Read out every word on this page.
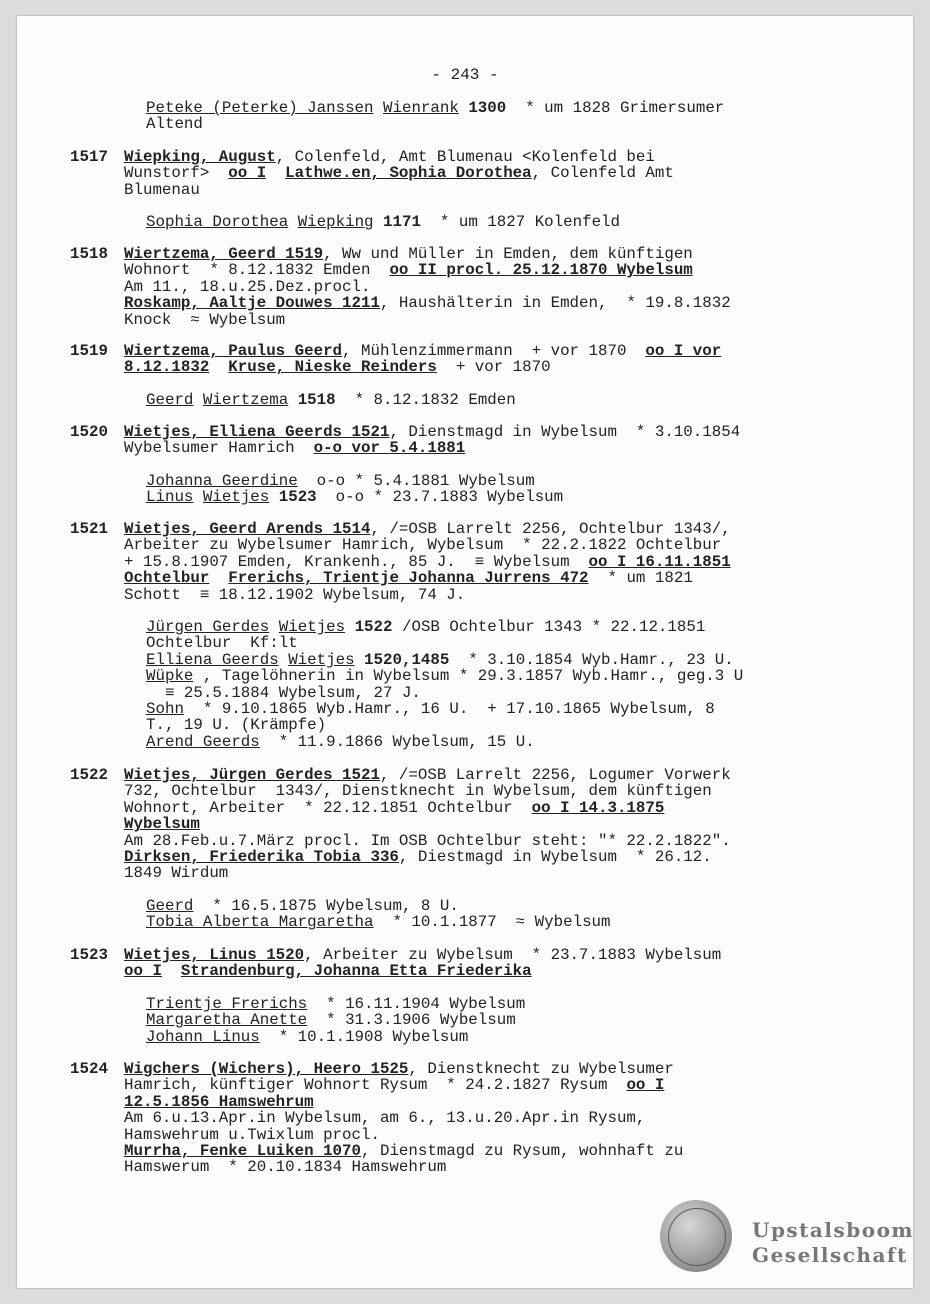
- 243 -
Peteke (Peterke) Janssen Wienrank 1300  * um 1828 Grimersumer
Altend
1517 Wiepking, August, Colenfeld, Amt Blumenau <Kolenfeld bei
Wunstorf>  oo I Lathwe.en, Sophia Dorothea, Colenfeld Amt
Blumenau
Sophia Dorothea Wiepking 1171  * um 1827 Kolenfeld
1518 Wiertzema, Geerd 1519, Ww und Müller in Emden, dem künftigen
Wohnort  * 8.12.1832 Emden  oo II procl. 25.12.1870 Wybelsum
Am 11., 18.u.25.Dez.procl.
Roskamp, Aaltje Douwes 1211, Haushälterin in Emden,  * 19.8.1832
Knock  ≈ Wybelsum
1519 Wiertzema, Paulus Geerd, Mühlenzimmermann  + vor 1870  oo I vor
8.12.1832 Kruse, Nieske Reinders  + vor 1870
Geerd Wiertzema 1518  * 8.12.1832 Emden
1520 Wietjes, Elliena Geerds 1521, Dienstmagd in Wybelsum  * 3.10.1854
Wybelsumer Hamrich  o-o vor 5.4.1881
Johanna Geerdine  o-o * 5.4.1881 Wybelsum
Linus Wietjes 1523  o-o * 23.7.1883 Wybelsum
1521 Wietjes, Geerd Arends 1514, /=OSB Larrelt 2256, Ochtelbur 1343/,
Arbeiter zu Wybelsumer Hamrich, Wybelsum  * 22.2.1822 Ochtelbur
+ 15.8.1907 Emden, Krankenh., 85 J.  ≡ Wybelsum  oo I 16.11.1851
Ochtelbur Frerichs, Trientje Johanna Jurrens 472  * um 1821
Schott  ≡ 18.12.1902 Wybelsum, 74 J.
Jürgen Gerdes Wietjes 1522 /OSB Ochtelbur 1343 * 22.12.1851
Ochtelbur  Kf:lt
Elliena Geerds Wietjes 1520,1485  * 3.10.1854 Wyb.Hamr., 23 U.
Wüpke , Tagelöhnerin in Wybelsum * 29.3.1857 Wyb.Hamr., geg.3 U
≡ 25.5.1884 Wybelsum, 27 J.
Sohn  * 9.10.1865 Wyb.Hamr., 16 U.  + 17.10.1865 Wybelsum, 8
T., 19 U. (Krämpfe)
Arend Geerds  * 11.9.1866 Wybelsum, 15 U.
1522 Wietjes, Jürgen Gerdes 1521, /=OSB Larrelt 2256, Logumer Vorwerk
732, Ochtelbur  1343/, Dienstknecht in Wybelsum, dem künftigen
Wohnort, Arbeiter  * 22.12.1851 Ochtelbur  oo I 14.3.1875
Wybelsum
Am 28.Feb.u.7.März procl. Im OSB Ochtelbur steht: "* 22.2.1822".
Dirksen, Friederika Tobia 336, Diestmagd in Wybelsum  * 26.12.
1849 Wirdum
Geerd  * 16.5.1875 Wybelsum, 8 U.
Tobia Alberta Margaretha  * 10.1.1877  ≈ Wybelsum
1523 Wietjes, Linus 1520, Arbeiter zu Wybelsum  * 23.7.1883 Wybelsum
oo I Strandenburg, Johanna Etta Friederika
Trientje Frerichs  * 16.11.1904 Wybelsum
Margaretha Anette  * 31.3.1906 Wybelsum
Johann Linus  * 10.1.1908 Wybelsum
1524 Wigchers (Wichers), Heero 1525, Dienstknecht zu Wybelsumer
Hamrich, künftiger Wohnort Rysum  * 24.2.1827 Rysum  oo I
12.5.1856 Hamswehrum
Am 6.u.13.Apr.in Wybelsum, am 6., 13.u.20.Apr.in Rysum,
Hamswehrum u.Twixlum procl.
Murrha, Fenke Luiken 1070, Dienstmagd zu Rysum, wohnhaft zu
Hamswerum  * 20.10.1834 Hamswehrum
Upstalsboom
Gesellschaft
